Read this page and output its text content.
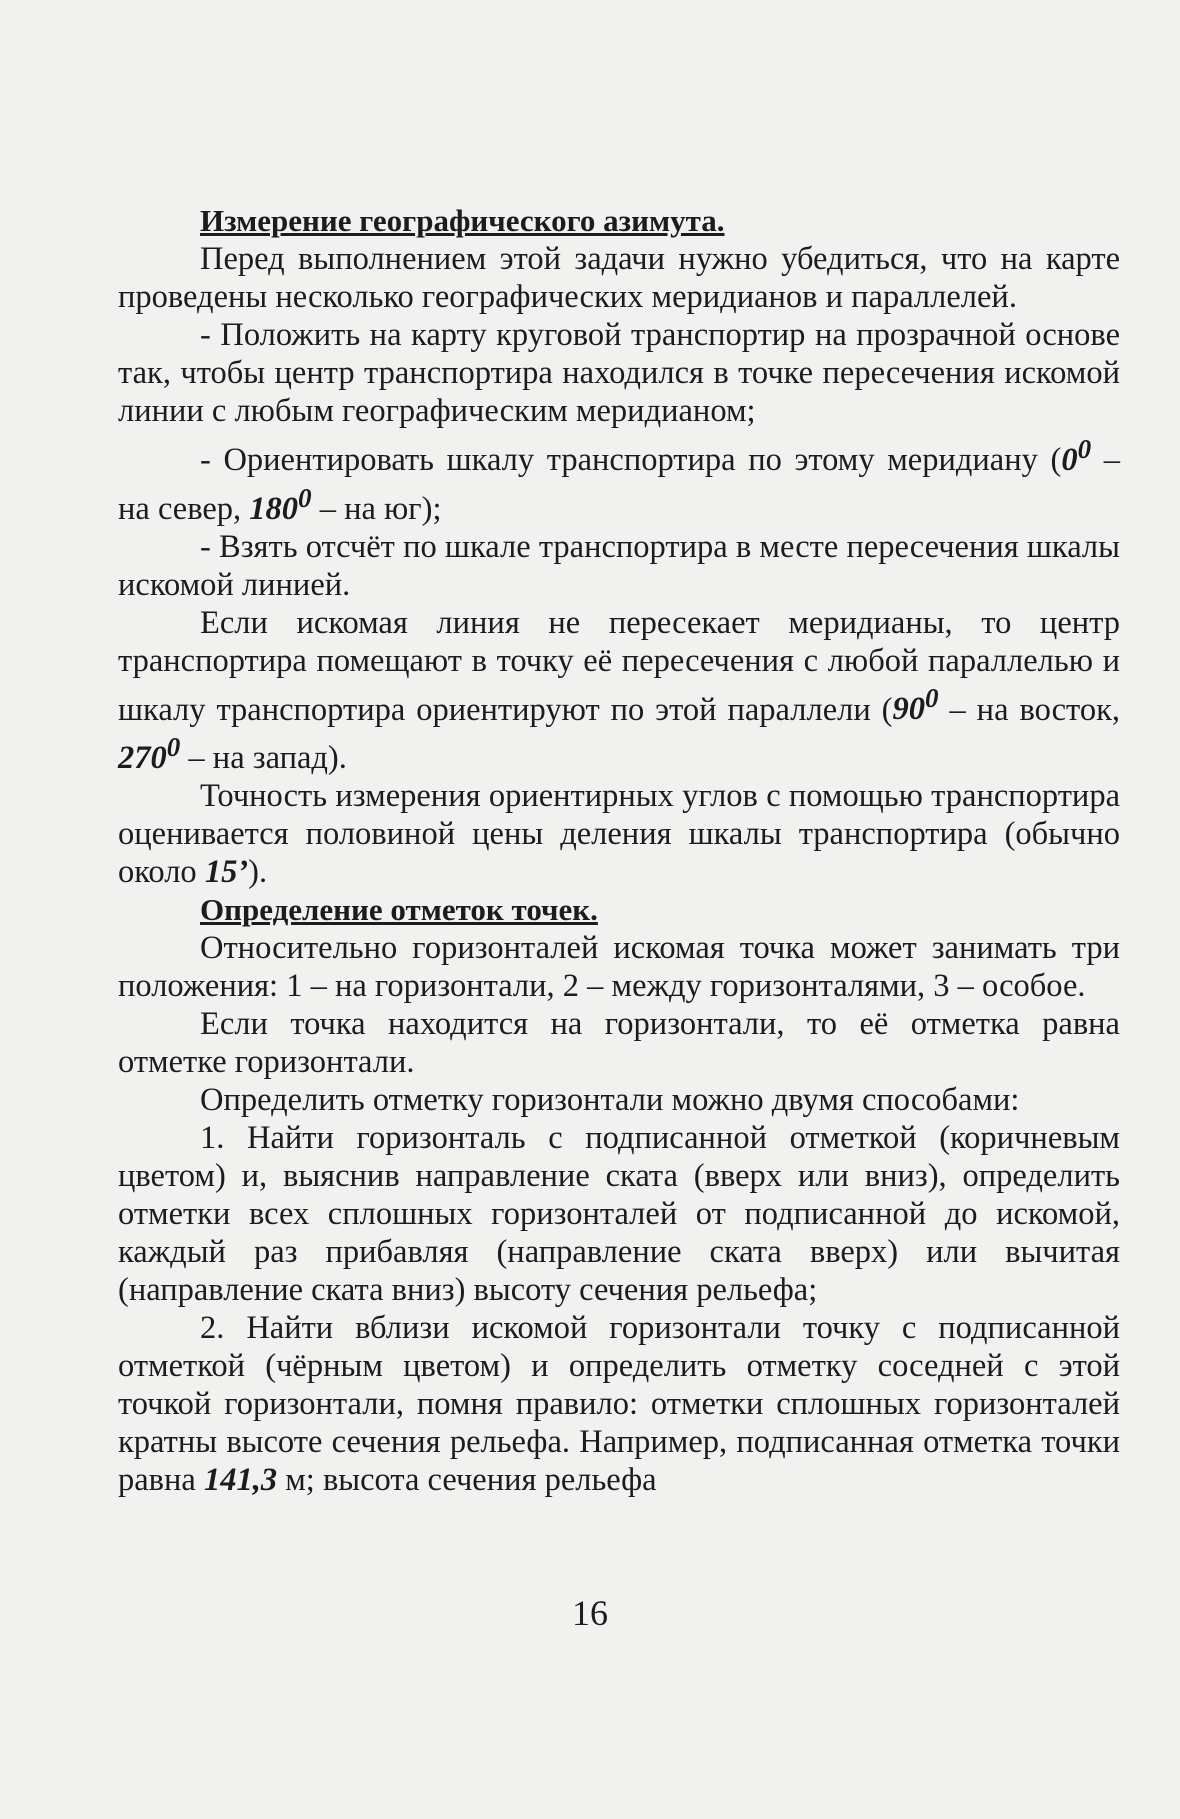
Измерение географического азимута.

Перед выполнением этой задачи нужно убедиться, что на карте проведены несколько географических меридианов и параллелей.

- Положить на карту круговой транспортир на прозрачной основе так, чтобы центр транспортира находился в точке пересечения искомой линии с любым географическим меридианом;

- Ориентировать шкалу транспортира по этому меридиану ($0^0$ – на север, $180^0$ – на юг);

- Взять отсчёт по шкале транспортира в месте пересечения шкалы искомой линией.

Если искомая линия не пересекает меридианы, то центр транспортира помещают в точку её пересечения с любой параллелью и шкалу транспортира ориентируют по этой параллели ($90^0$ – на восток, $270^0$ – на запад).

Точность измерения ориентирных углов с помощью транспортира оценивается половиной цены деления шкалы транспортира (обычно около 15’).

Определение отметок точек.

Относительно горизонталей искомая точка может занимать три положения: 1 – на горизонтали, 2 – между горизонталями, 3 – особое.

Если точка находится на горизонтали, то её отметка равна отметке горизонтали.

Определить отметку горизонтали можно двумя способами:

1. Найти горизонталь с подписанной отметкой (коричневым цветом) и, выяснив направление ската (вверх или вниз), определить отметки всех сплошных горизонталей от подписанной до искомой, каждый раз прибавляя (направление ската вверх) или вычитая (направление ската вниз) высоту сечения рельефа;

2. Найти вблизи искомой горизонтали точку с подписанной отметкой (чёрным цветом) и определить отметку соседней с этой точкой горизонтали, помня правило: отметки сплошных горизонталей кратны высоте сечения рельефа. Например, подписанная отметка точки равна 141,3 м; высота сечения рельефа

16
